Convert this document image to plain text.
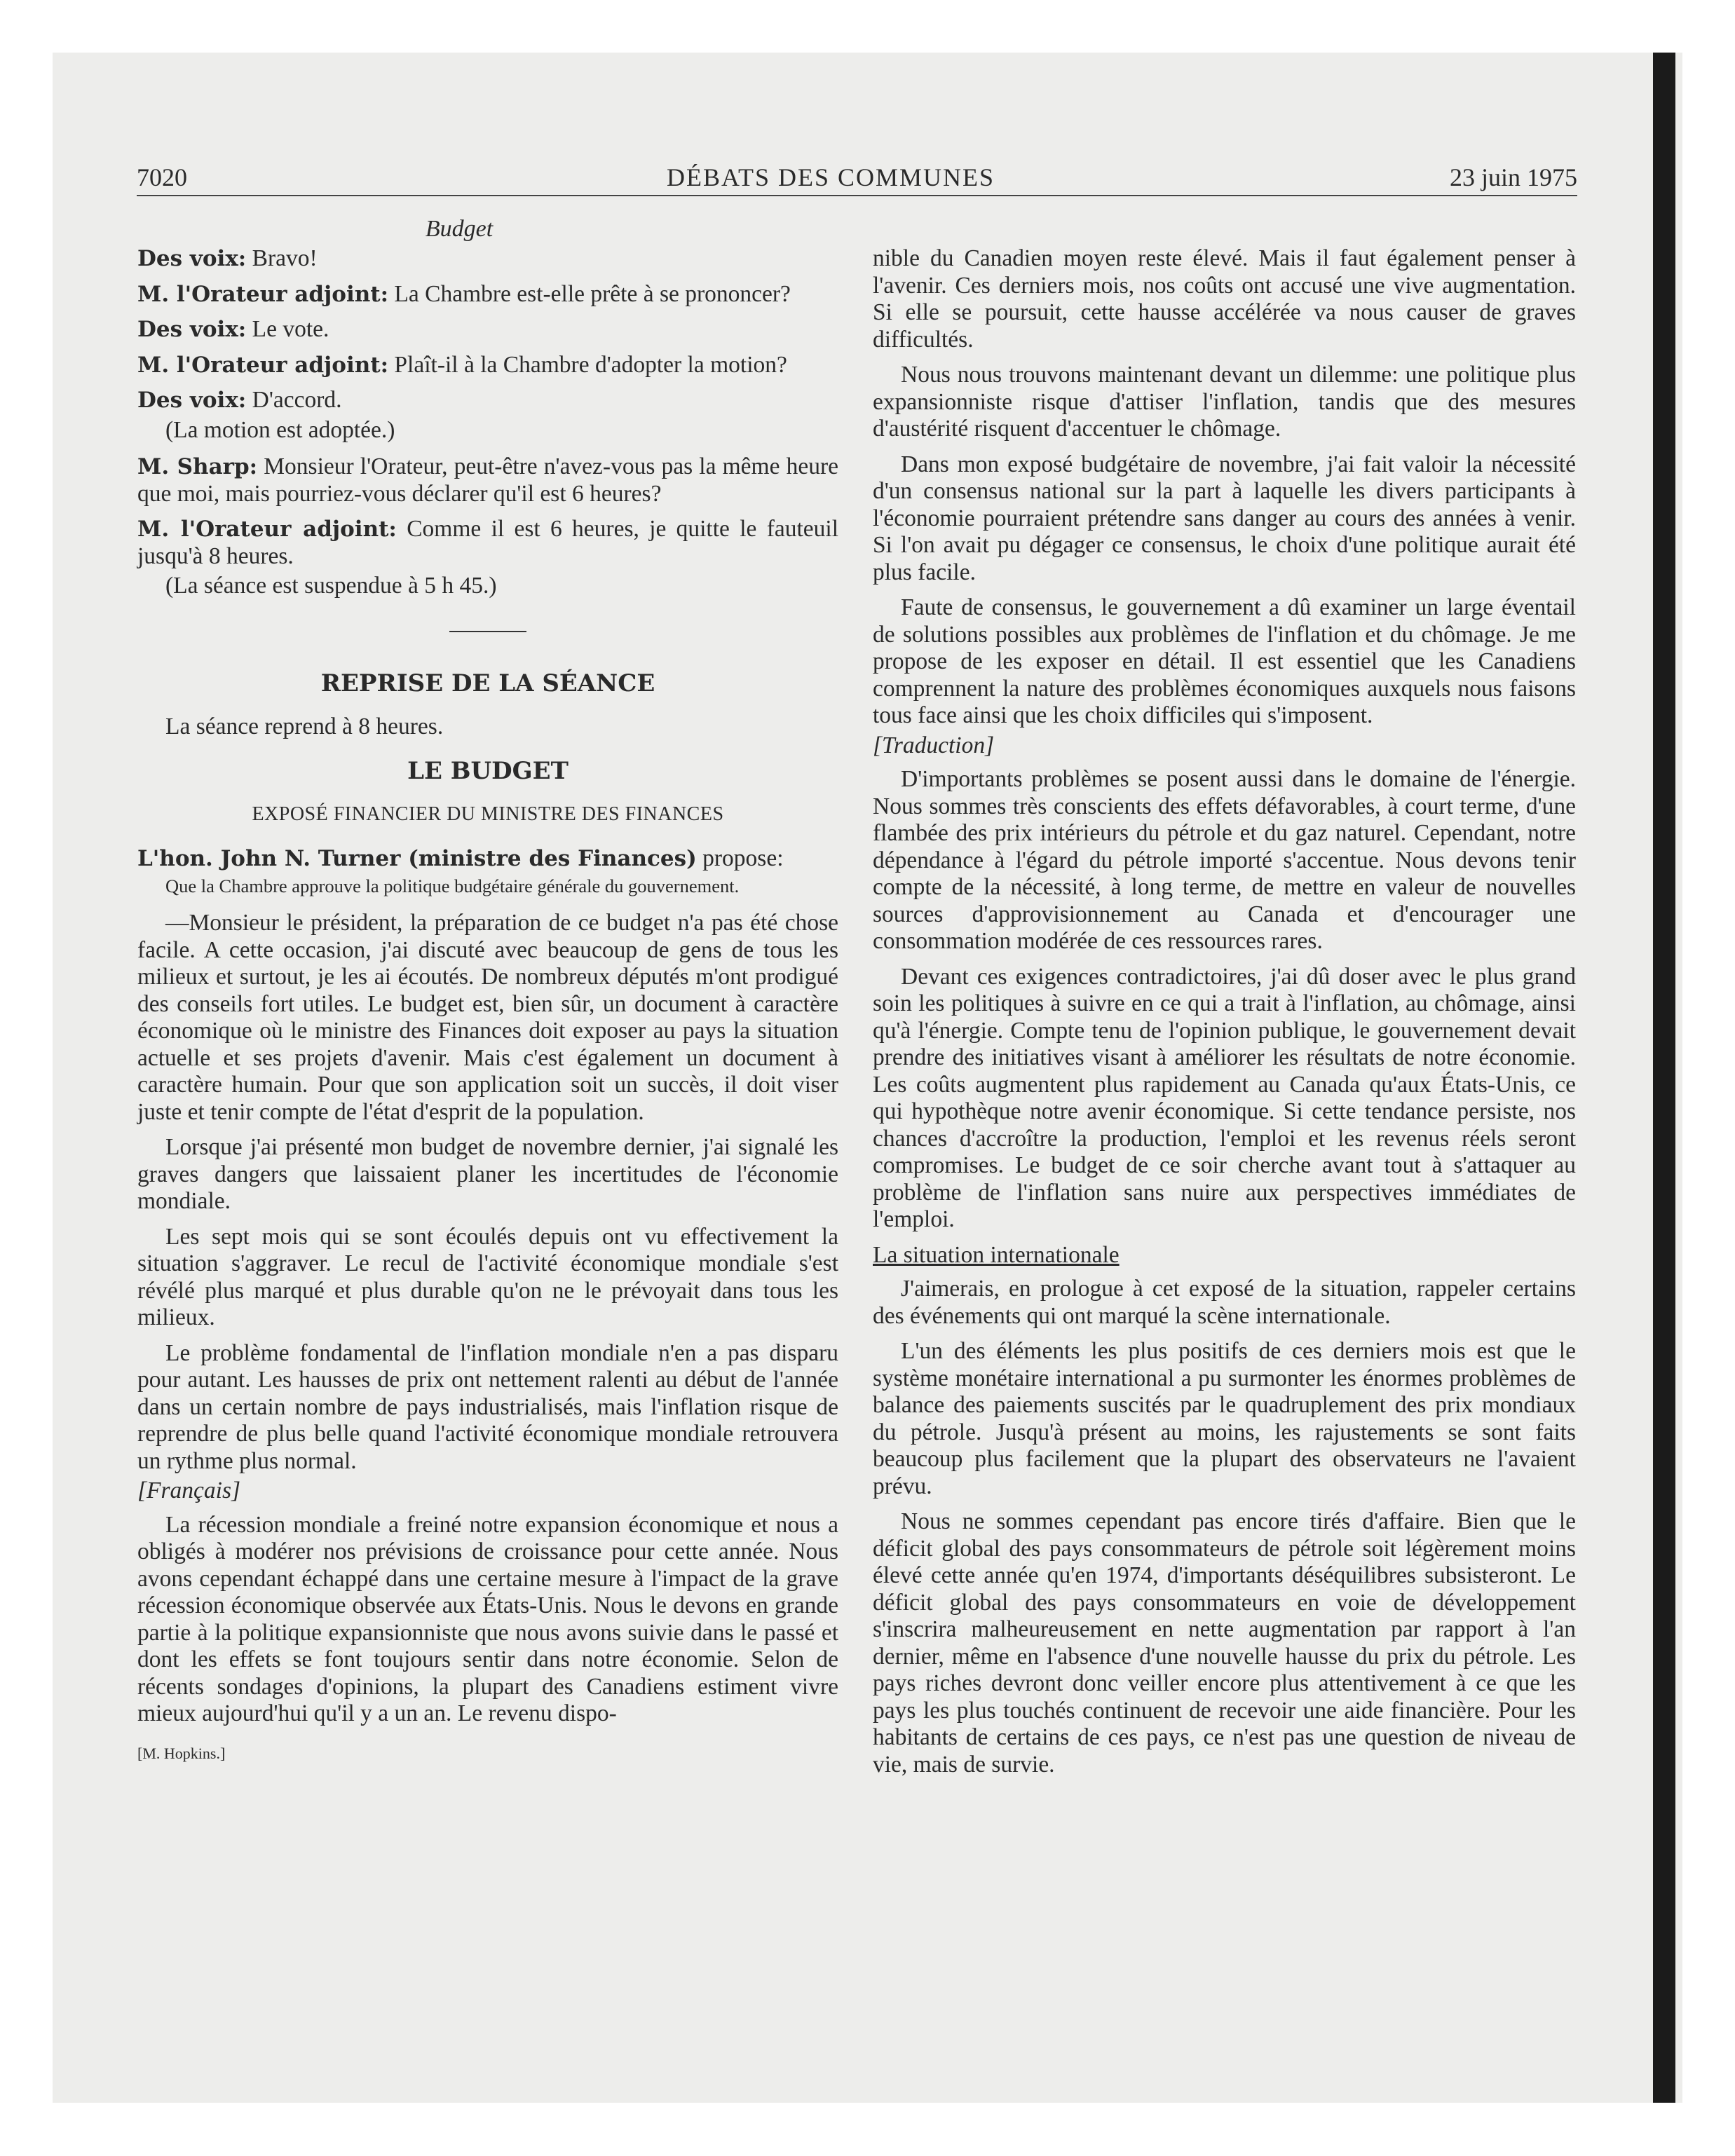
7020	DÉBATS DES COMMUNES	23 juin 1975
Budget

Des voix: Bravo!

M. l'Orateur adjoint: La Chambre est-elle prête à se prononcer?

Des voix: Le vote.

M. l'Orateur adjoint: Plaît-il à la Chambre d'adopter la motion?

Des voix: D'accord.

(La motion est adoptée.)

M. Sharp: Monsieur l'Orateur, peut-être n'avez-vous pas la même heure que moi, mais pourriez-vous déclarer qu'il est 6 heures?

M. l'Orateur adjoint: Comme il est 6 heures, je quitte le fauteuil jusqu'à 8 heures.

(La séance est suspendue à 5 h 45.)

REPRISE DE LA SÉANCE

La séance reprend à 8 heures.

LE BUDGET
EXPOSÉ FINANCIER DU MINISTRE DES FINANCES

L'hon. John N. Turner (ministre des Finances) propose:

Que la Chambre approuve la politique budgétaire générale du gouvernement.

—Monsieur le président, la préparation de ce budget n'a pas été chose facile. A cette occasion, j'ai discuté avec beaucoup de gens de tous les milieux et surtout, je les ai écoutés. De nombreux députés m'ont prodigué des conseils fort utiles. Le budget est, bien sûr, un document à caractère économique où le ministre des Finances doit exposer au pays la situation actuelle et ses projets d'avenir. Mais c'est également un document à caractère humain. Pour que son application soit un succès, il doit viser juste et tenir compte de l'état d'esprit de la population.

Lorsque j'ai présenté mon budget de novembre dernier, j'ai signalé les graves dangers que laissaient planer les incertitudes de l'économie mondiale.

Les sept mois qui se sont écoulés depuis ont vu effectivement la situation s'aggraver. Le recul de l'activité économique mondiale s'est révélé plus marqué et plus durable qu'on ne le prévoyait dans tous les milieux.

Le problème fondamental de l'inflation mondiale n'en a pas disparu pour autant. Les hausses de prix ont nettement ralenti au début de l'année dans un certain nombre de pays industrialisés, mais l'inflation risque de reprendre de plus belle quand l'activité économique mondiale retrouvera un rythme plus normal.

[Français]

La récession mondiale a freiné notre expansion économique et nous a obligés à modérer nos prévisions de croissance pour cette année. Nous avons cependant échappé dans une certaine mesure à l'impact de la grave récession économique observée aux États-Unis. Nous le devons en grande partie à la politique expansionniste que nous avons suivie dans le passé et dont les effets se font toujours sentir dans notre économie. Selon de récents sondages d'opinions, la plupart des Canadiens estiment vivre mieux aujourd'hui qu'il y a un an. Le revenu dispo-

[M. Hopkins.]

nible du Canadien moyen reste élevé. Mais il faut également penser à l'avenir. Ces derniers mois, nos coûts ont accusé une vive augmentation. Si elle se poursuit, cette hausse accélérée va nous causer de graves difficultés.

Nous nous trouvons maintenant devant un dilemme: une politique plus expansionniste risque d'attiser l'inflation, tandis que des mesures d'austérité risquent d'accentuer le chômage.

Dans mon exposé budgétaire de novembre, j'ai fait valoir la nécessité d'un consensus national sur la part à laquelle les divers participants à l'économie pourraient prétendre sans danger au cours des années à venir. Si l'on avait pu dégager ce consensus, le choix d'une politique aurait été plus facile.

Faute de consensus, le gouvernement a dû examiner un large éventail de solutions possibles aux problèmes de l'inflation et du chômage. Je me propose de les exposer en détail. Il est essentiel que les Canadiens comprennent la nature des problèmes économiques auxquels nous faisons tous face ainsi que les choix difficiles qui s'imposent.

[Traduction]

D'importants problèmes se posent aussi dans le domaine de l'énergie. Nous sommes très conscients des effets défavorables, à court terme, d'une flambée des prix intérieurs du pétrole et du gaz naturel. Cependant, notre dépendance à l'égard du pétrole importé s'accentue. Nous devons tenir compte de la nécessité, à long terme, de mettre en valeur de nouvelles sources d'approvisionnement au Canada et d'encourager une consommation modérée de ces ressources rares.

Devant ces exigences contradictoires, j'ai dû doser avec le plus grand soin les politiques à suivre en ce qui a trait à l'inflation, au chômage, ainsi qu'à l'énergie. Compte tenu de l'opinion publique, le gouvernement devait prendre des initiatives visant à améliorer les résultats de notre économie. Les coûts augmentent plus rapidement au Canada qu'aux États-Unis, ce qui hypothèque notre avenir économique. Si cette tendance persiste, nos chances d'accroître la production, l'emploi et les revenus réels seront compromises. Le budget de ce soir cherche avant tout à s'attaquer au problème de l'inflation sans nuire aux perspectives immédiates de l'emploi.

La situation internationale

J'aimerais, en prologue à cet exposé de la situation, rappeler certains des événements qui ont marqué la scène internationale.

L'un des éléments les plus positifs de ces derniers mois est que le système monétaire international a pu surmonter les énormes problèmes de balance des paiements suscités par le quadruplement des prix mondiaux du pétrole. Jusqu'à présent au moins, les rajustements se sont faits beaucoup plus facilement que la plupart des observateurs ne l'avaient prévu.

Nous ne sommes cependant pas encore tirés d'affaire. Bien que le déficit global des pays consommateurs de pétrole soit légèrement moins élevé cette année qu'en 1974, d'importants déséquilibres subsisteront. Le déficit global des pays consommateurs en voie de développement s'inscrira malheureusement en nette augmentation par rapport à l'an dernier, même en l'absence d'une nouvelle hausse du prix du pétrole. Les pays riches devront donc veiller encore plus attentivement à ce que les pays les plus touchés continuent de recevoir une aide financière. Pour les habitants de certains de ces pays, ce n'est pas une question de niveau de vie, mais de survie.
